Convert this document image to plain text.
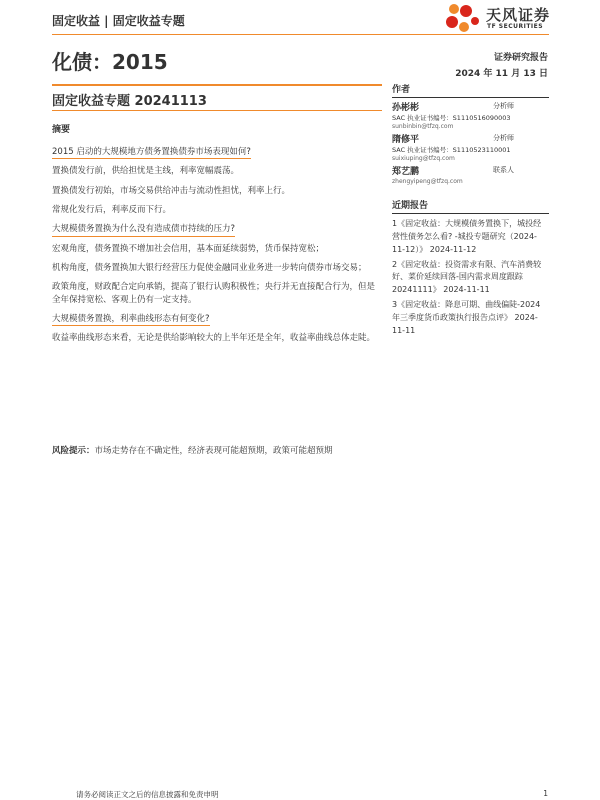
固定收益 | 固定收益专题	天风证券
TF SECURITIES
化债：2015	证券研究报告
2024 年 11 月 13 日
固定收益专题 20241113
摘要
2015 启动的大规模地方债务置换债券市场表现如何?
置换债发行前，供给担忧是主线，利率宽幅震荡。
置换债发行初始，市场交易供给冲击与流动性担忧，利率上行。
常规化发行后，利率反而下行。
大规模债务置换为什么没有造成债市持续的压力?
宏观角度，债务置换不增加社会信用，基本面延续弱势，货币保持宽松；
机构角度，债务置换加大银行经营压力促使金融同业业务进一步转向债券市场交易；
政策角度，财政配合定向承销，提高了银行认购积极性；央行并无直接配合行为，但是全年保持宽松、客观上仍有一定支持。
大规模债务置换，利率曲线形态有何变化?
收益率曲线形态来看，无论是供给影响较大的上半年还是全年，收益率曲线总体走陡。
风险提示：市场走势存在不确定性，经济表现可能超预期，政策可能超预期
作者
孙彬彬	分析师
SAC 执业证书编号：S1110516090003
sunbinbin@tfzq.com
隋修平	分析师
SAC 执业证书编号：S1110523110001
suixiuping@tfzq.com
郑艺鹏	联系人
zhengyipeng@tfzq.com
近期报告
1《固定收益：大规模债务置换下，城投经营性债务怎么看? -城投专题研究（2024-11-12）》 2024-11-12
2《固定收益：投资需求有限、汽车消费较好、菜价延续回落-国内需求周度跟踪 20241111》 2024-11-11
3《固定收益：降息可期、曲线偏陡-2024 年三季度货币政策执行报告点评》 2024-11-11
请务必阅读正文之后的信息披露和免责申明	1
